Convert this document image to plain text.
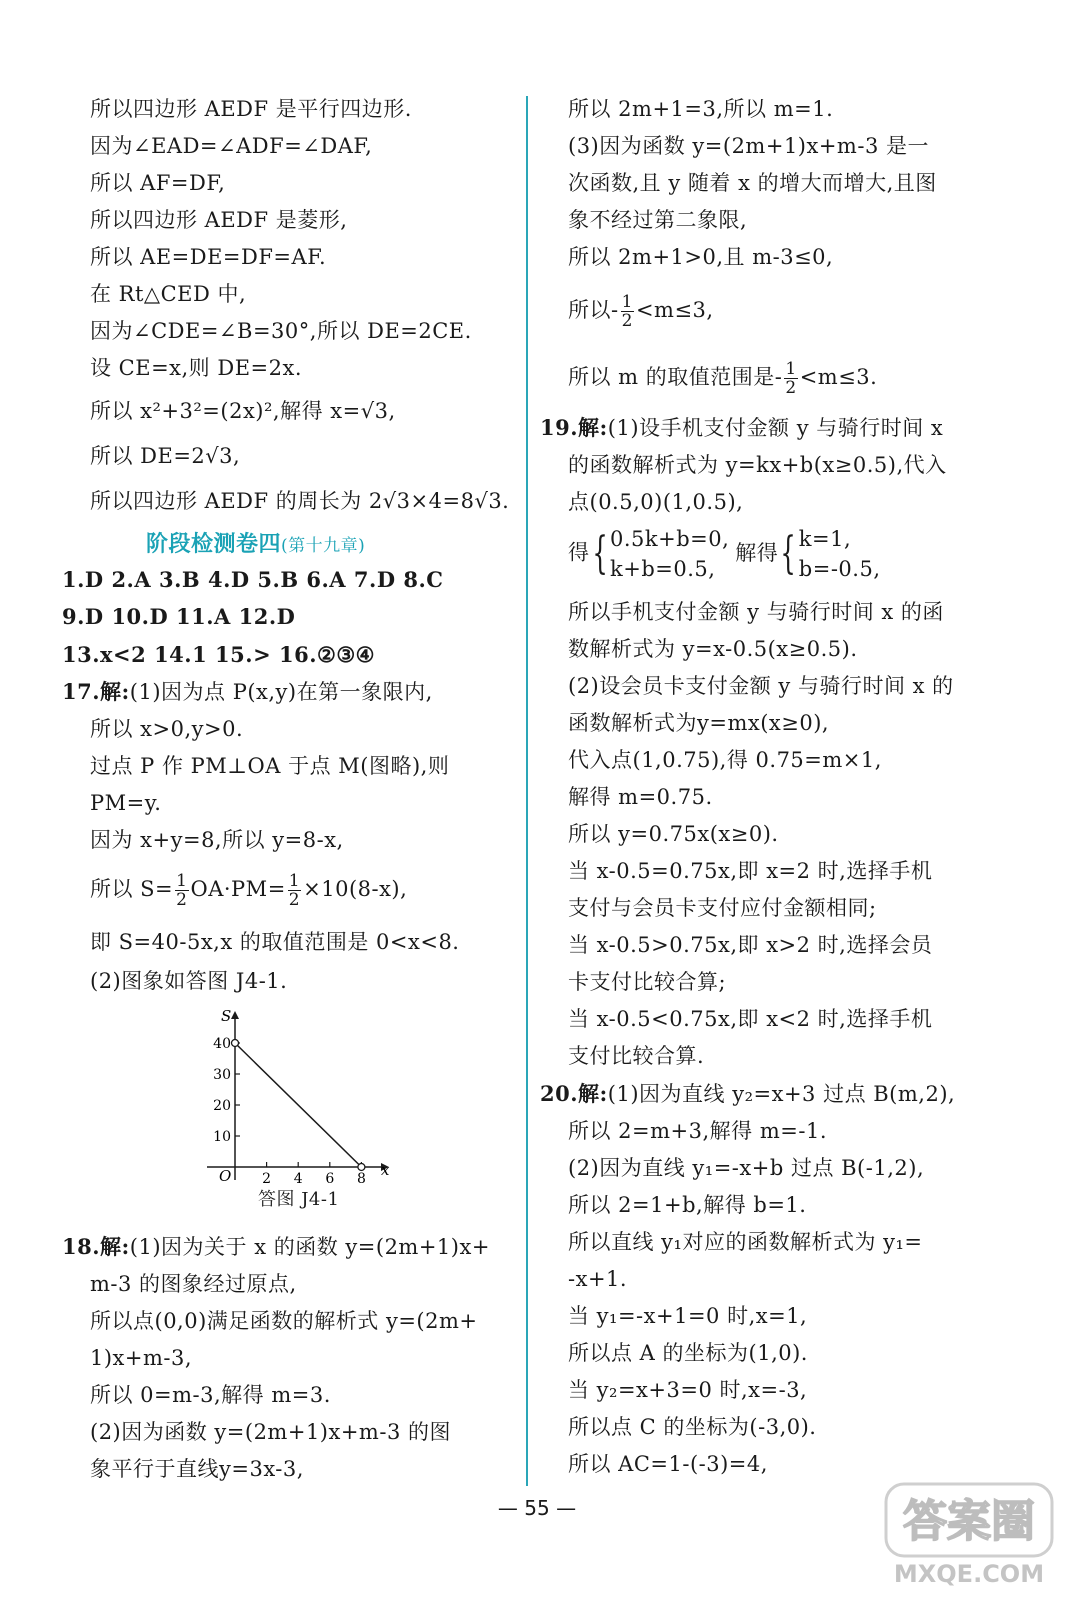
所以四边形 AEDF 是平行四边形.
因为∠EAD=∠ADF=∠DAF,
所以 AF=DF,
所以四边形 AEDF 是菱形,
所以 AE=DE=DF=AF.
在 Rt△CED 中,
因为∠CDE=∠B=30°,所以 DE=2CE.
设 CE=x,则 DE=2x.
所以 x²+3²=(2x)²,解得 x=√3,
所以 DE=2√3,
所以四边形 AEDF 的周长为 2√3×4=8√3.
阶段检测卷四(第十九章)
1.D 2.A 3.B 4.D 5.B 6.A 7.D 8.C
9.D 10.D 11.A 12.D
13.x<2 14.1 15.> 16.②③④
17.解:(1)因为点 P(x,y)在第一象限内,
所以 x>0,y>0.
过点 P 作 PM⊥OA 于点 M(图略),则
PM=y.
因为 x+y=8,所以 y=8-x,
所以 $S= \frac{1}{2} OA\cdot PM= \frac{1}{2} \times 10(8-x)$,
即 S=40-5x,x 的取值范围是 0<x<8.
(2)图象如答图 J4-1.
S
x
O 2 4 6 8
10
20
30
40
答图 J4-1
18.解:(1)因为关于 x 的函数 y=(2m+1)x+
m-3 的图象经过原点,
所以点(0,0)满足函数的解析式 y=(2m+
1)x+m-3,
所以 0=m-3,解得 m=3.
(2)因为函数 y=(2m+1)x+m-3 的图
象平行于直线y=3x-3,
所以 2m+1=3,所以 m=1.
(3)因为函数 y=(2m+1)x+m-3 是一
次函数,且 y 随着 x 的增大而增大,且图
象不经过第二象限,
所以 2m+1>0,且 m-3≤0,
所以- $\frac{1}{2} <m\le 3$,
所以 m 的取值范围是- $\frac{1}{2} <m\le 3$.
19.解:(1)设手机支付金额 y 与骑行时间 x
的函数解析式为 y=kx+b(x≥0.5),代入
点(0.5,0)(1,0.5),
得{ 0.5k+b=0,
k+b=0.5,
解得{ k=1,
b=-0.5,
所以手机支付金额 y 与骑行时间 x 的函
数解析式为 y=x-0.5(x≥0.5).
(2)设会员卡支付金额 y 与骑行时间 x 的
函数解析式为y=mx(x≥0),
代入点(1,0.75),得 0.75=m×1,
解得 m=0.75.
所以 y=0.75x(x≥0).
当 x-0.5=0.75x,即 x=2 时,选择手机
支付与会员卡支付应付金额相同;
当 x-0.5>0.75x,即 x>2 时,选择会员
卡支付比较合算;
当 x-0.5<0.75x,即 x<2 时,选择手机
支付比较合算.
20.解:(1)因为直线 y₂=x+3 过点 B(m,2),
所以 2=m+3,解得 m=-1.
(2)因为直线 y₁=-x+b 过点 B(-1,2),
所以 2=1+b,解得 b=1.
所以直线 y₁对应的函数解析式为 y₁=
-x+1.
当 y₁=-x+1=0 时,x=1,
所以点 A 的坐标为(1,0).
当 y₂=x+3=0 时,x=-3,
所以点 C 的坐标为(-3,0).
所以 AC=1-(-3)=4,
— 55 —	答案圈
MXQE.COM
